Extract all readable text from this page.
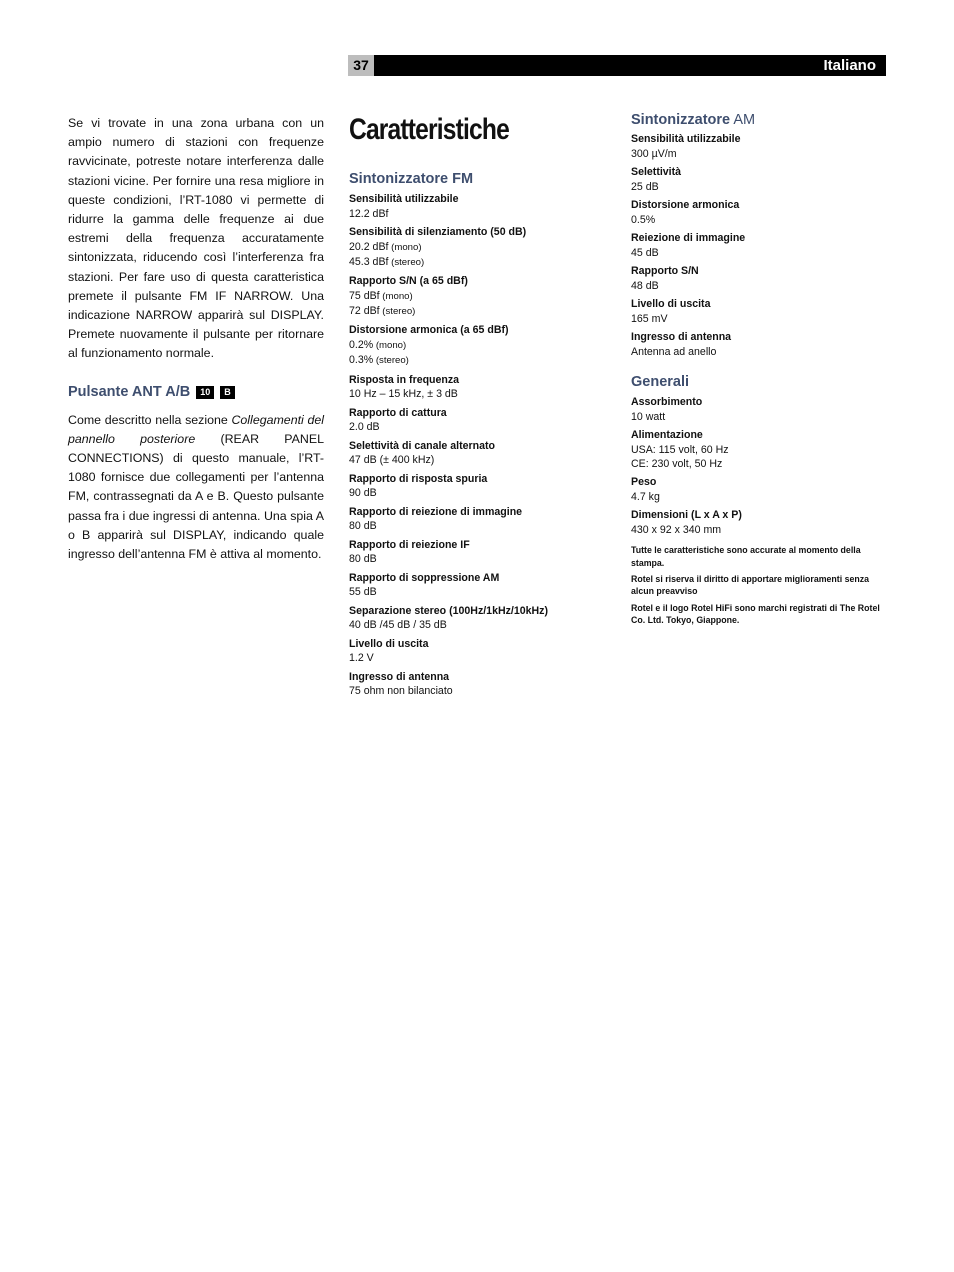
37	Italiano

Se vi trovate in una zona urbana con un ampio numero di stazioni con frequenze ravvicinate, potreste notare interferenza dalle stazioni vicine. Per fornire una resa migliore in queste condizioni, l’RT-1080 vi permette di ridurre la gamma delle frequenze ai due estremi della frequenza accuratamente sintonizzata, riducendo così l’interferenza fra stazioni. Per fare uso di questa caratteristica premete il pulsante FM IF NARROW. Una indicazione NARROW apparirà sul DISPLAY. Premete nuovamente il pulsante per ritornare al funzionamento normale.

Pulsante ANT A/B 10 B

Come descritto nella sezione Collegamenti del pannello posteriore (REAR PANEL CONNECTIONS) di questo manuale, l’RT-1080 fornisce due collegamenti per l’antenna FM, contrassegnati da A e B. Questo pulsante passa fra i due ingressi di antenna. Una spia A o B apparirà sul DISPLAY, indicando quale ingresso dell’antenna FM è attiva al momento.

Caratteristiche
Sintonizzatore FM
Sensibilità utilizzabile
12.2 dBf
Sensibilità di silenziamento (50 dB)
20.2 dBf (mono)
45.3 dBf (stereo)
Rapporto S/N (a 65 dBf)
75 dBf (mono)
72 dBf (stereo)
Distorsione armonica (a 65 dBf)
0.2% (mono)
0.3% (stereo)
Risposta in frequenza
10 Hz – 15 kHz, ± 3 dB
Rapporto di cattura
2.0 dB
Selettività di canale alternato
47 dB (± 400 kHz)
Rapporto di risposta spuria
90 dB
Rapporto di reiezione di immagine
80 dB
Rapporto di reiezione IF
80 dB
Rapporto di soppressione AM
55 dB
Separazione stereo (100Hz/1kHz/10kHz)
40 dB /45 dB / 35 dB
Livello di uscita
1.2 V
Ingresso di antenna
75 ohm non bilanciato
Sintonizzatore AM
Sensibilità utilizzabile
300 µV/m
Selettività
25 dB
Distorsione armonica
0.5%
Reiezione di immagine
45 dB
Rapporto S/N
48 dB
Livello di uscita
165 mV
Ingresso di antenna
Antenna ad anello
Generali
Assorbimento
10 watt
Alimentazione
USA: 115 volt, 60 Hz
CE: 230 volt, 50 Hz
Peso
4.7 kg
Dimensioni (L x A x P)
430 x 92 x 340 mm

Tutte le caratteristiche sono accurate al momento della stampa.

Rotel si riserva il diritto di apportare miglioramenti senza alcun preavviso

Rotel e il logo Rotel HiFi sono marchi registrati di The Rotel Co. Ltd. Tokyo, Giappone.
